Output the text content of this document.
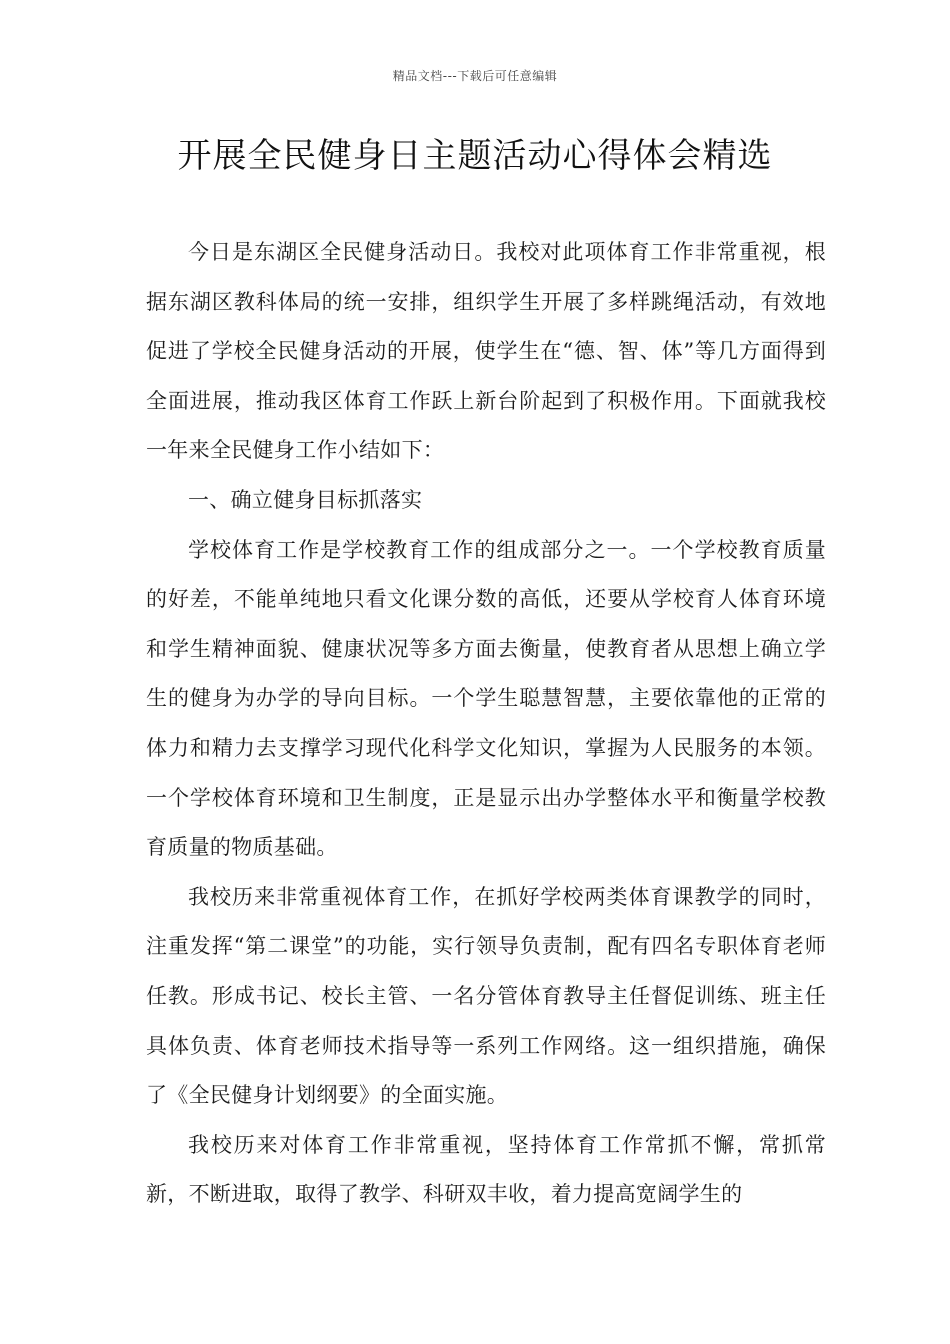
精品文档---下载后可任意编辑
开展全民健身日主题活动心得体会精选

今日是东湖区全民健身活动日。我校对此项体育工作非常重视，根据东湖区教科体局的统一安排，组织学生开展了多样跳绳活动，有效地促进了学校全民健身活动的开展，使学生在“德、智、体”等几方面得到全面进展，推动我区体育工作跃上新台阶起到了积极作用。下面就我校一年来全民健身工作小结如下：

一、确立健身目标抓落实

学校体育工作是学校教育工作的组成部分之一。一个学校教育质量的好差，不能单纯地只看文化课分数的高低，还要从学校育人体育环境和学生精神面貌、健康状况等多方面去衡量，使教育者从思想上确立学生的健身为办学的导向目标。一个学生聪慧智慧，主要依靠他的正常的体力和精力去支撑学习现代化科学文化知识，掌握为人民服务的本领。一个学校体育环境和卫生制度，正是显示出办学整体水平和衡量学校教育质量的物质基础。

我校历来非常重视体育工作，在抓好学校两类体育课教学的同时，注重发挥“第二课堂”的功能，实行领导负责制，配有四名专职体育老师任教。形成书记、校长主管、一名分管体育教导主任督促训练、班主任具体负责、体育老师技术指导等一系列工作网络。这一组织措施，确保了《全民健身计划纲要》的全面实施。

我校历来对体育工作非常重视，坚持体育工作常抓不懈，常抓常新，不断进取，取得了教学、科研双丰收，着力提高宽阔学生的
